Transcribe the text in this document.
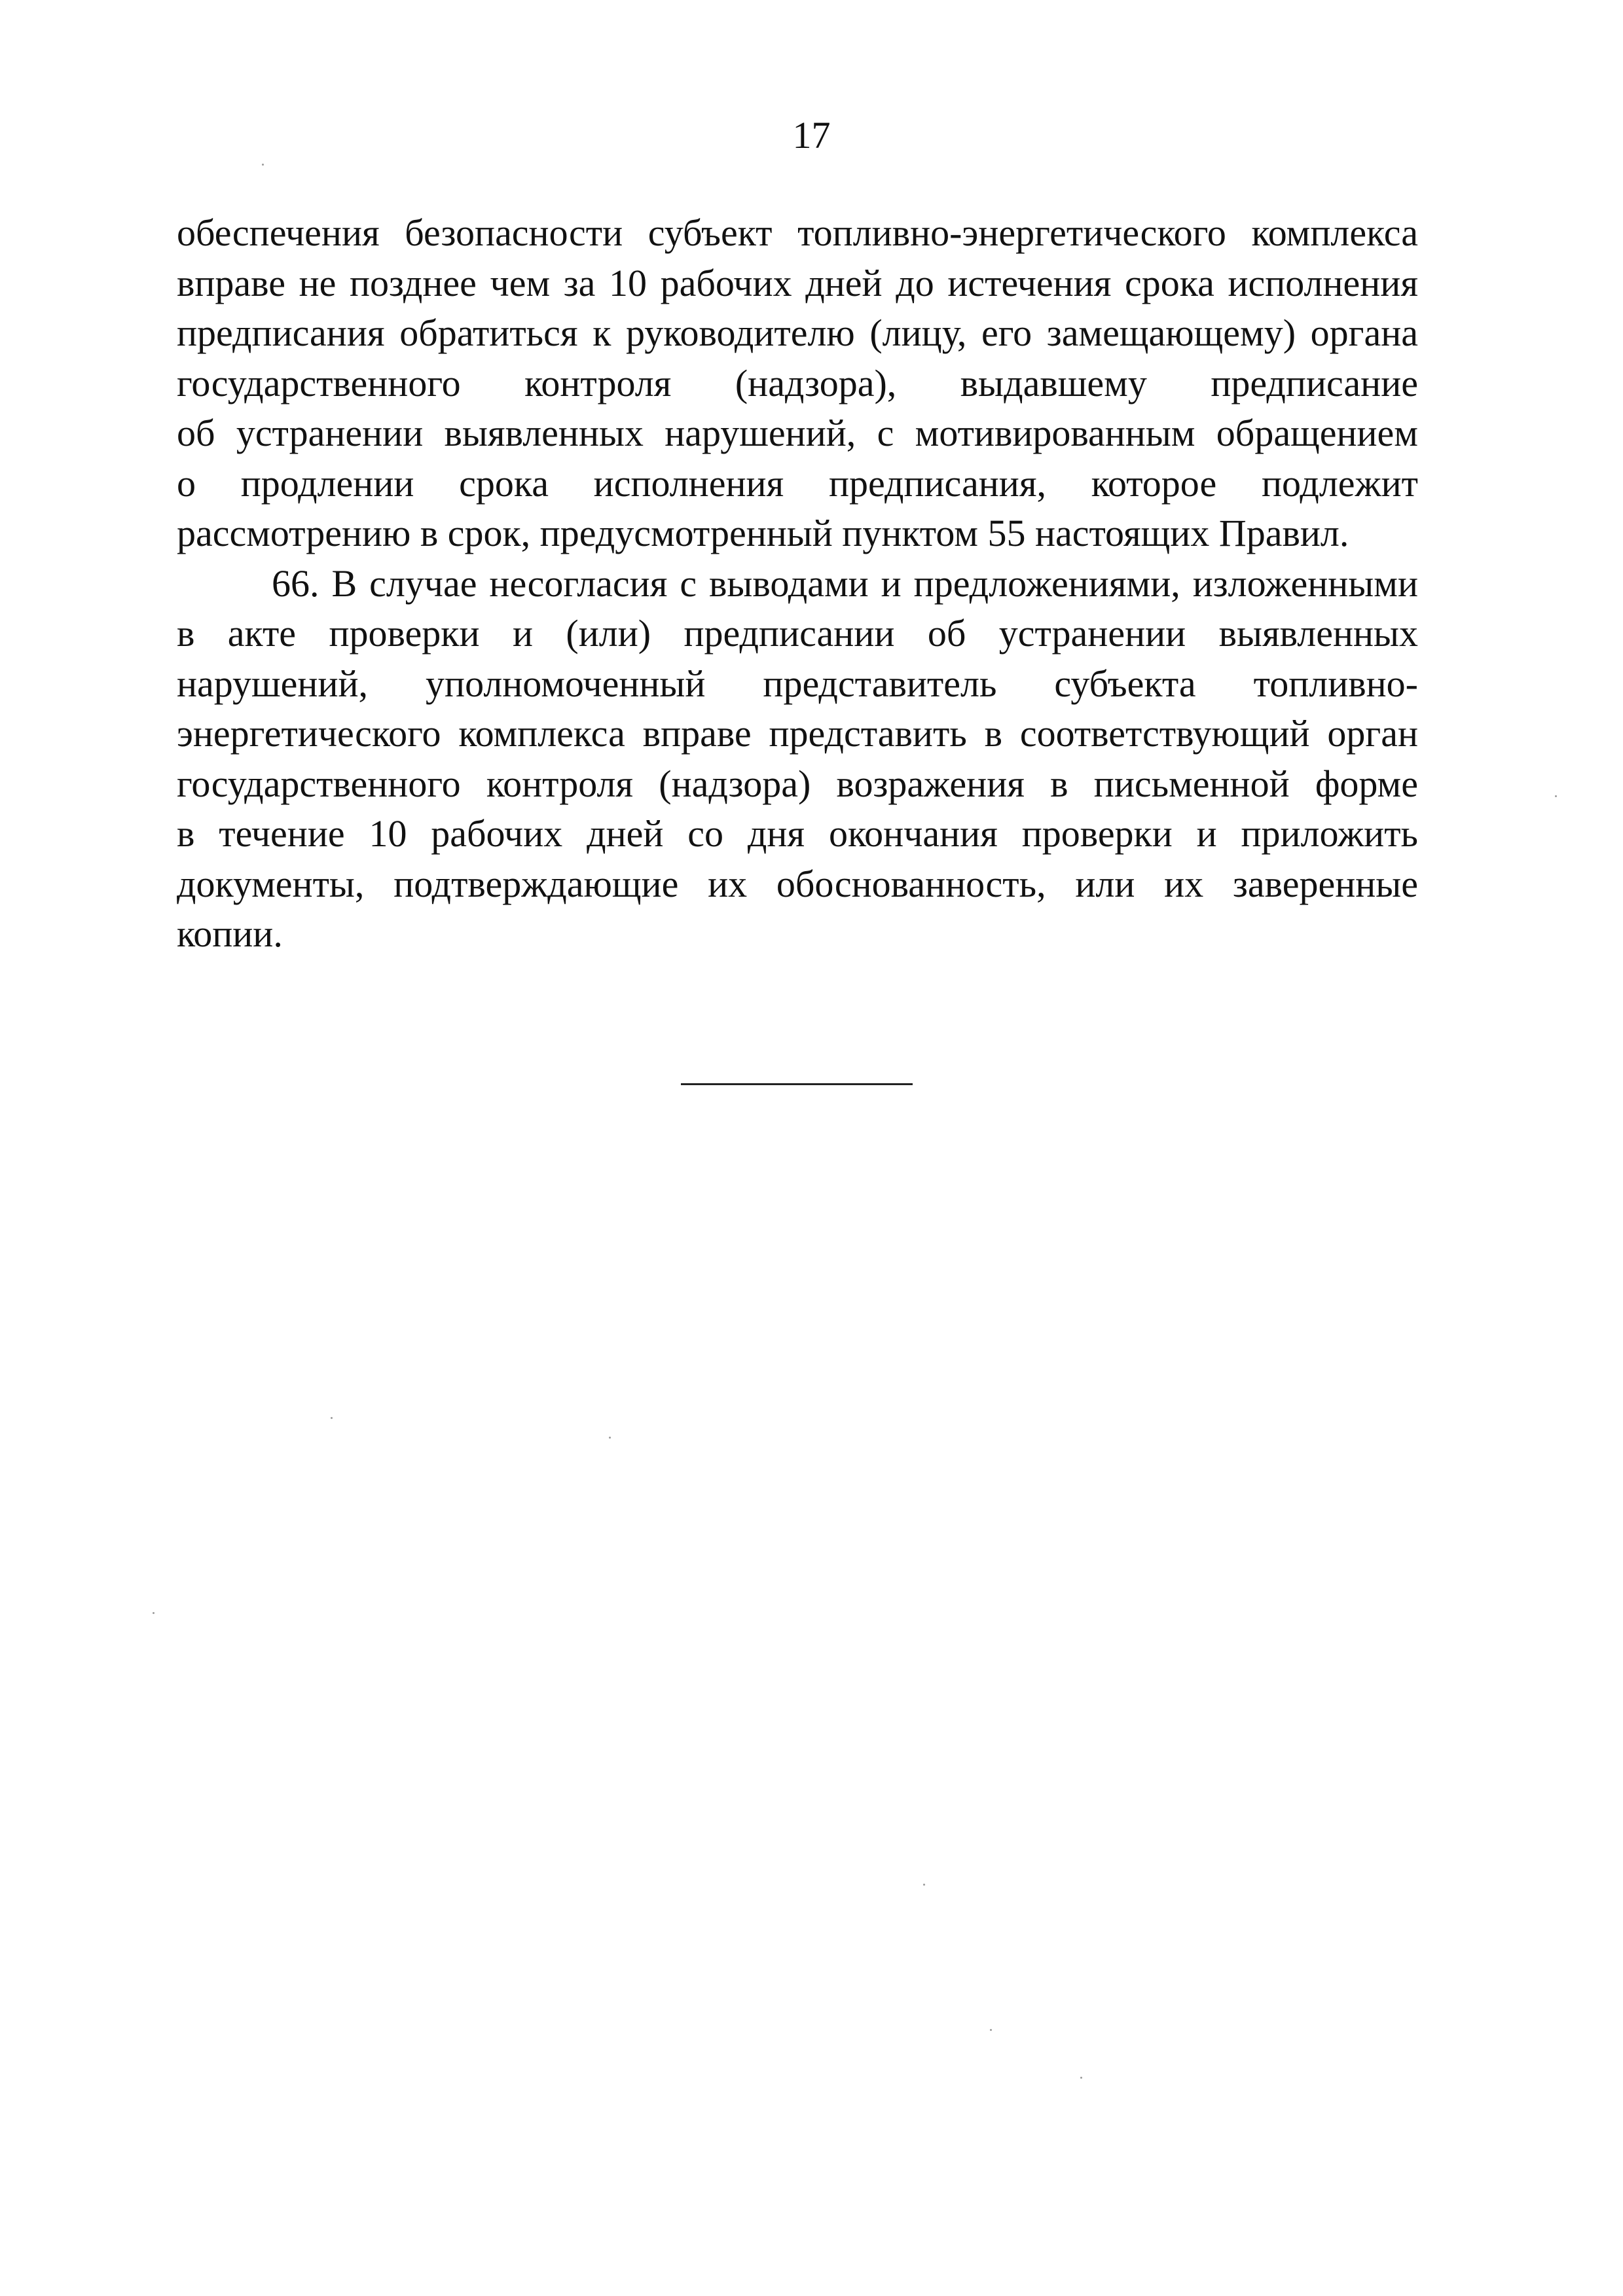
17

обеспечения безопасности субъект топливно-энергетического комплекса
вправе не позднее чем за 10 рабочих дней до истечения срока исполнения
предписания обратиться к руководителю (лицу, его замещающему) органа
государственного контроля (надзора), выдавшему предписание
об устранении выявленных нарушений, с мотивированным обращением
о продлении срока исполнения предписания, которое подлежит
рассмотрению в срок, предусмотренный пунктом 55 настоящих Правил.

66. В случае несогласия с выводами и предложениями, изложенными
в акте проверки и (или) предписании об устранении выявленных
нарушений, уполномоченный представитель субъекта топливно-
энергетического комплекса вправе представить в соответствующий орган
государственного контроля (надзора) возражения в письменной форме
в течение 10 рабочих дней со дня окончания проверки и приложить
документы, подтверждающие их обоснованность, или их заверенные
копии.
